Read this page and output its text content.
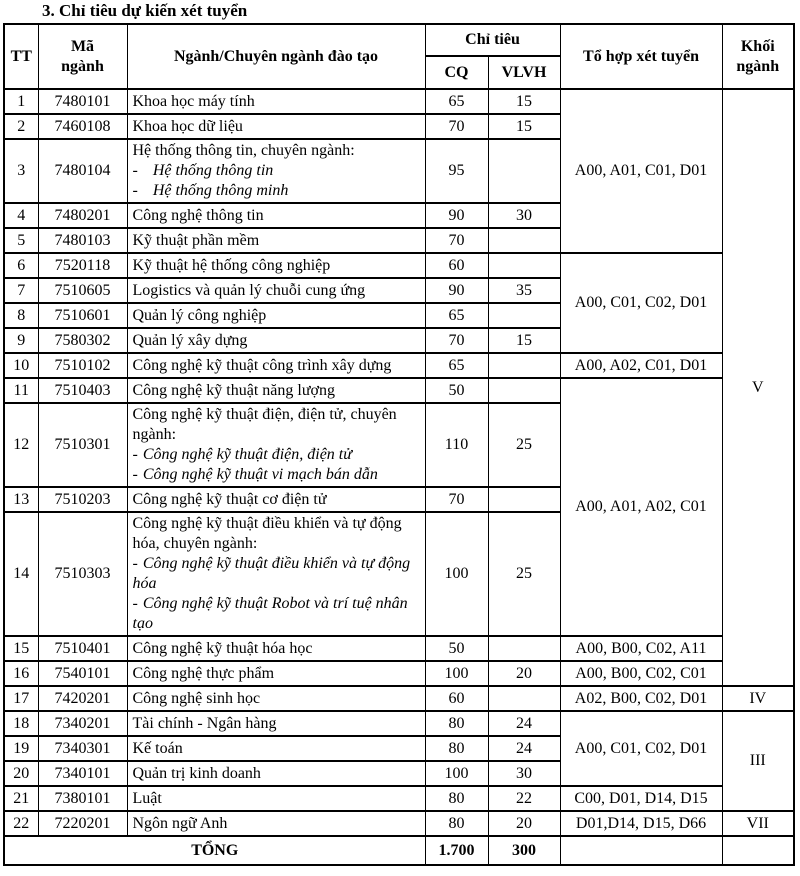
3. Chỉ tiêu dự kiến xét tuyển
TT	Mã ngành	Ngành/Chuyên ngành đào tạo	Chỉ tiêu		Tổ hợp xét tuyển	Khối ngành

			CQ	VLVH		
1	7480101	Khoa học máy tính	65	15	A00, A01, C01, D01	V
2	7460108	Khoa học dữ liệu	70	15		
3	7480104	Hệ thống thông tin, chuyên ngành:
- Hệ thống thông tin
- Hệ thống thông minh	95			
4	7480201	Công nghệ thông tin	90	30		
5	7480103	Kỹ thuật phần mềm	70			
6	7520118	Kỹ thuật hệ thống công nghiệp	60		A00, C01, C02, D01	
7	7510605	Logistics và quản lý chuỗi cung ứng	90	35		
8	7510601	Quản lý công nghiệp	65			
9	7580302	Quản lý xây dựng	70	15		
10	7510102	Công nghệ kỹ thuật công trình xây dựng	65		A00, A02, C01, D01	
11	7510403	Công nghệ kỹ thuật năng lượng	50		A00, A01, A02, C01	
12	7510301	Công nghệ kỹ thuật điện, điện tử, chuyên ngành:
- Công nghệ kỹ thuật điện, điện tử
- Công nghệ kỹ thuật vi mạch bán dẫn	110	25		
13	7510203	Công nghệ kỹ thuật cơ điện tử	70			
14	7510303	Công nghệ kỹ thuật điều khiển và tự động hóa, chuyên ngành:
- Công nghệ kỹ thuật điều khiển và tự động hóa
- Công nghệ kỹ thuật Robot và trí tuệ nhân tạo	100	25		
15	7510401	Công nghệ kỹ thuật hóa học	50		A00, B00, C02, A11	
16	7540101	Công nghệ thực phẩm	100	20	A00, B00, C02, C01	
17	7420201	Công nghệ sinh học	60		A02, B00, C02, D01	IV
18	7340201	Tài chính - Ngân hàng	80	24	A00, C01, C02, D01	III
19	7340301	Kế toán	80	24		
20	7340101	Quản trị kinh doanh	100	30		
21	7380101	Luật	80	22	C00, D01, D14, D15	
22	7220201	Ngôn ngữ Anh	80	20	D01,D14, D15, D66	VII
TỔNG			1.700	300		
